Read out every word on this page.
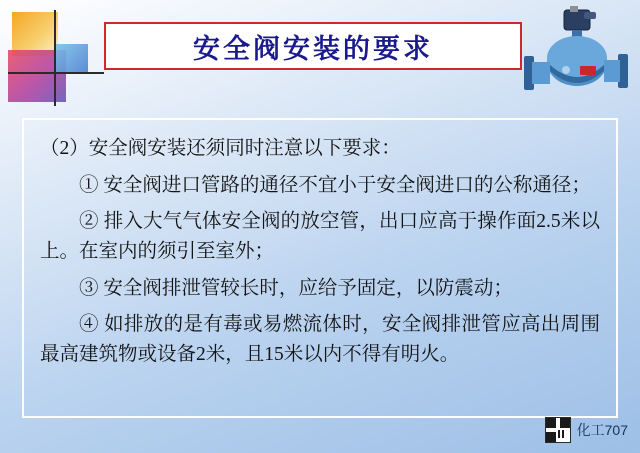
安全阀安装的要求

（2）安全阀安装还须同时注意以下要求：

① 安全阀进口管路的通径不宜小于安全阀进口的公称通径；

② 排入大气气体安全阀的放空管，出口应高于操作面2.5米以上。在室内的须引至室外；

③ 安全阀排泄管较长时，应给予固定，以防震动；

④ 如排放的是有毒或易燃流体时，安全阀排泄管应高出周围最高建筑物或设备2米，且15米以内不得有明火。

化工707
